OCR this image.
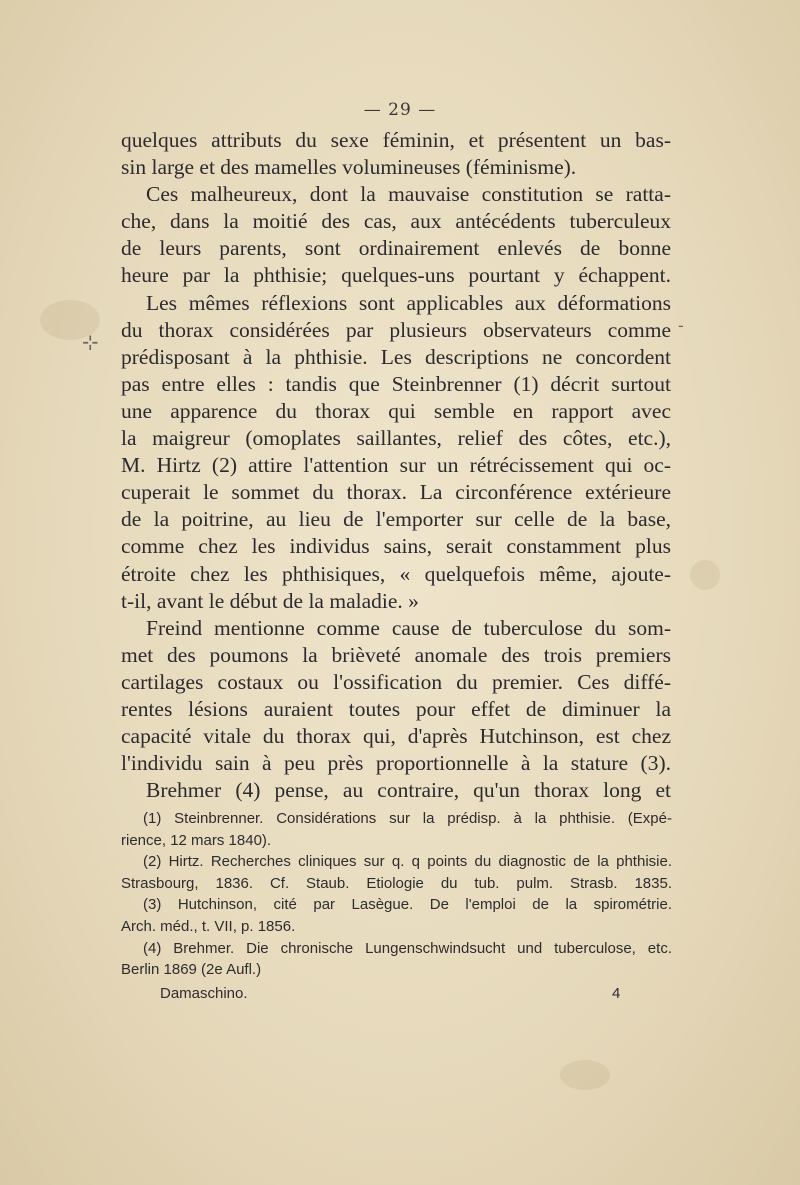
⊹
-
— 29 —
quelques attributs du sexe féminin, et présentent un bas-
sin large et des mamelles volumineuses (féminisme).
Ces malheureux, dont la mauvaise constitution se ratta-
che, dans la moitié des cas, aux antécédents tuberculeux
de leurs parents, sont ordinairement enlevés de bonne
heure par la phthisie; quelques-uns pourtant y échappent.
Les mêmes réflexions sont applicables aux déformations
du thorax considérées par plusieurs observateurs comme
prédisposant à la phthisie. Les descriptions ne concordent
pas entre elles : tandis que Steinbrenner (1) décrit surtout
une apparence du thorax qui semble en rapport avec
la maigreur (omoplates saillantes, relief des côtes, etc.),
M. Hirtz (2) attire l'attention sur un rétrécissement qui oc-
cuperait le sommet du thorax. La circonférence extérieure
de la poitrine, au lieu de l'emporter sur celle de la base,
comme chez les individus sains, serait constamment plus
étroite chez les phthisiques, « quelquefois même, ajoute-
t-il, avant le début de la maladie. »
Freind mentionne comme cause de tuberculose du som-
met des poumons la brièveté anomale des trois premiers
cartilages costaux ou l'ossification du premier. Ces diffé-
rentes lésions auraient toutes pour effet de diminuer la
capacité vitale du thorax qui, d'après Hutchinson, est chez
l'individu sain à peu près proportionnelle à la stature (3).
Brehmer (4) pense, au contraire, qu'un thorax long et
(1) Steinbrenner. Considérations sur la prédisp. à la phthisie. (Expé-
rience, 12 mars 1840).
(2) Hirtz. Recherches cliniques sur q. q points du diagnostic de la phthisie.
Strasbourg, 1836. Cf. Staub. Etiologie du tub. pulm. Strasb. 1835.
(3) Hutchinson, cité par Lasègue. De l'emploi de la spirométrie.
Arch. méd., t. VII, p. 1856.
(4) Brehmer. Die chronische Lungenschwindsucht und tuberculose, etc.
Berlin 1869 (2e Aufl.)
Damaschino.	4
